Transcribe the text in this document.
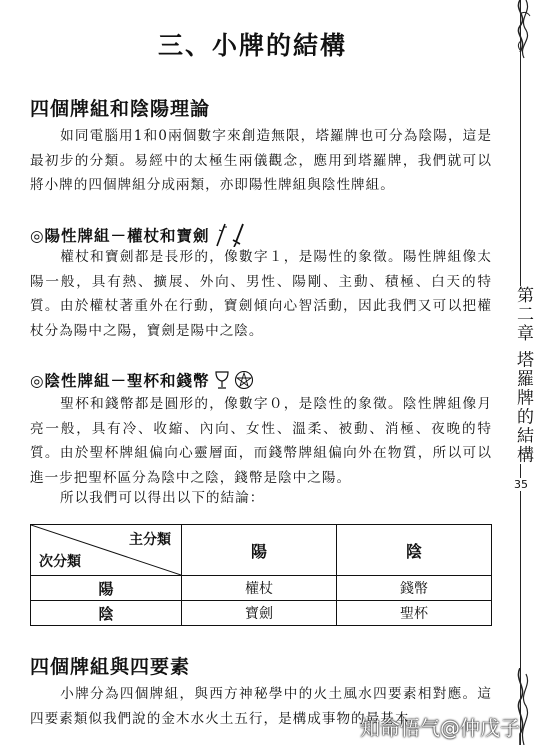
第二章 塔羅牌的結構
35
三、小牌的結構
四個牌組和陰陽理論

如同電腦用1和0兩個數字來創造無限，塔羅牌也可分為陰陽，這是最初步的分類。易經中的太極生兩儀觀念，應用到塔羅牌，我們就可以將小牌的四個牌組分成兩類，亦即陽性牌組與陰性牌組。

◎陽性牌組－權杖和寶劍

權杖和寶劍都是長形的，像數字１，是陽性的象徵。陽性牌組像太陽一般，具有熱、擴展、外向、男性、陽剛、主動、積極、白天的特質。由於權杖著重外在行動，寶劍傾向心智活動，因此我們又可以把權杖分為陽中之陽，寶劍是陽中之陰。

◎陰性牌組－聖杯和錢幣

聖杯和錢幣都是圓形的，像數字０，是陰性的象徵。陰性牌組像月亮一般，具有冷、收縮、內向、女性、溫柔、被動、消極、夜晚的特質。由於聖杯牌組偏向心靈層面，而錢幣牌組偏向外在物質，所以可以進一步把聖杯區分為陰中之陰，錢幣是陰中之陽。

所以我們可以得出以下的結論：

主分類
次分類	陽	陰
陽	權杖	錢幣
陰	寶劍	聖杯
四個牌組與四要素

小牌分為四個牌組，與西方神秘學中的火土風水四要素相對應。這四要素類似我們說的金木水火土五行，是構成事物的最基本

知命悟气@仲戊子
